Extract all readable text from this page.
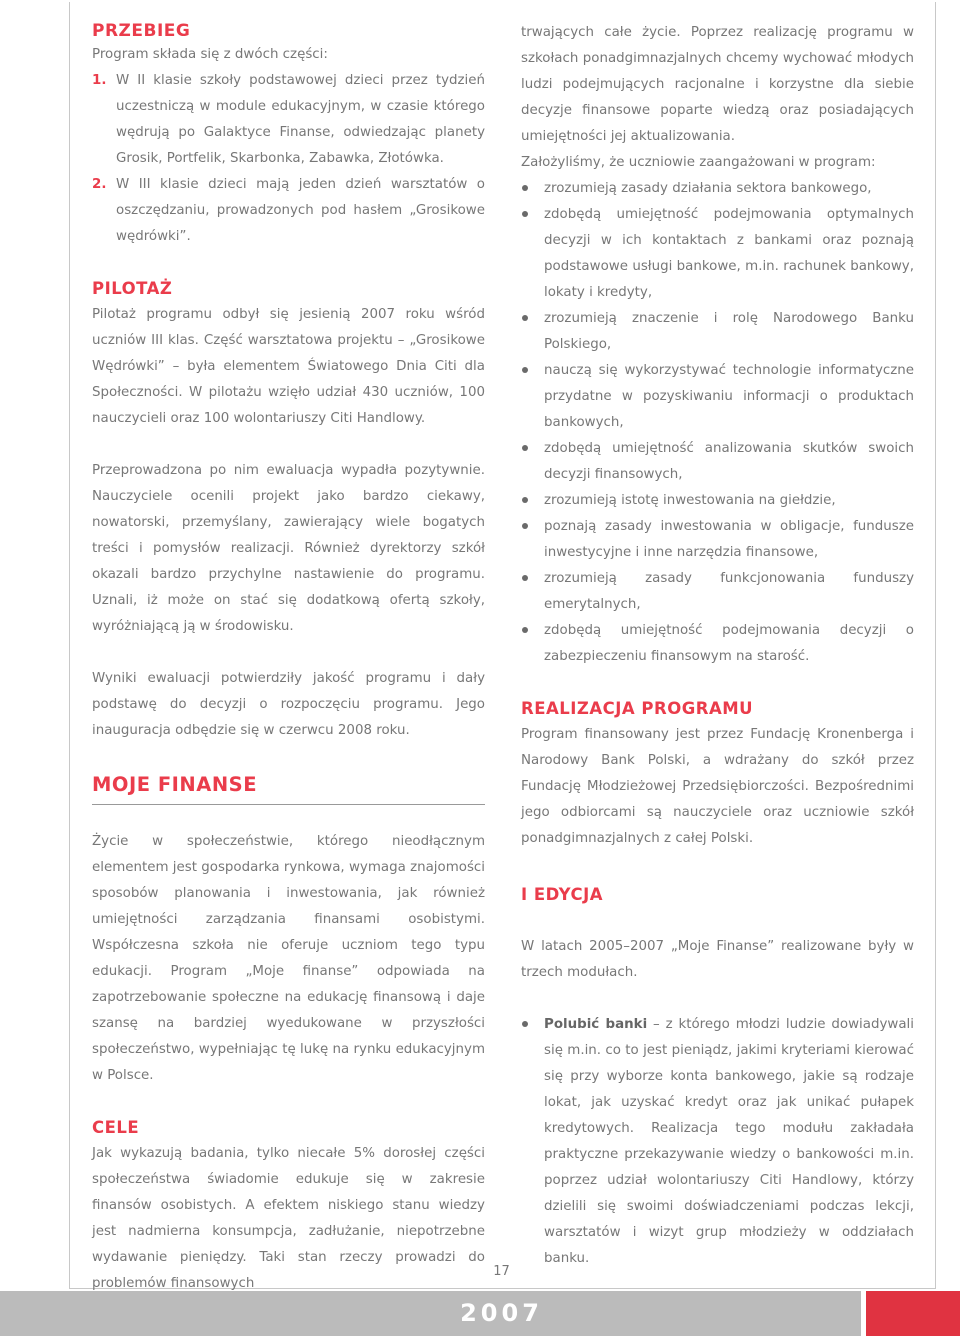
PRZEBIEG

Program składa się z dwóch części:

1. W II klasie szkoły podstawowej dzieci przez tydzień uczestniczą w module edukacyjnym, w czasie którego wędrują po Galaktyce Finanse, odwiedzając planety Grosik, Portfelik, Skarbonka, Zabawka, Złotówka.
2. W III klasie dzieci mają jeden dzień warsztatów o oszczędzaniu, prowadzonych pod hasłem „Grosikowe wędrówki”.
PILOTAŻ

Pilotaż programu odbył się jesienią 2007 roku wśród uczniów III klas. Część warsztatowa projektu – „Grosikowe Wędrówki” – była elementem Światowego Dnia Citi dla Społeczności. W pilotażu wzięło udział 430 uczniów, 100 nauczycieli oraz 100 wolontariuszy Citi Handlowy.

Przeprowadzona po nim ewaluacja wypadła pozytywnie. Nauczyciele ocenili projekt jako bardzo ciekawy, nowatorski, przemyślany, zawierający wiele bogatych treści i pomysłów realizacji. Również dyrektorzy szkół okazali bardzo przychylne nastawienie do programu. Uznali, iż może on stać się dodatkową ofertą szkoły, wyróżniającą ją w środowisku.

Wyniki ewaluacji potwierdziły jakość programu i dały podstawę do decyzji o rozpoczęciu programu. Jego inauguracja odbędzie się w czerwcu 2008 roku.

MOJE FINANSE

Życie w społeczeństwie, którego nieodłącznym elementem jest gospodarka rynkowa, wymaga znajomości sposobów planowania i inwestowania, jak również umiejętności zarządzania finansami osobistymi. Współczesna szkoła nie oferuje uczniom tego typu edukacji. Program „Moje finanse” odpowiada na zapotrzebowanie społeczne na edukację finansową i daje szansę na bardziej wyedukowane w przyszłości społeczeństwo, wypełniając tę lukę na rynku edukacyjnym w Polsce.

CELE

Jak wykazują badania, tylko niecałe 5% dorosłej części społeczeństwa świadomie edukuje się w zakresie finansów osobistych. A efektem niskiego stanu wiedzy jest nadmierna konsumpcja, zadłużanie, niepotrzebne wydawanie pieniędzy. Taki stan rzeczy prowadzi do problemów finansowych

trwających całe życie. Poprzez realizację programu w szkołach ponadgimnazjalnych chcemy wychować młodych ludzi podejmujących racjonalne i korzystne dla siebie decyzje finansowe poparte wiedzą oraz posiadających umiejętności jej aktualizowania.

Założyliśmy, że uczniowie zaangażowani w program:

zrozumieją zasady działania sektora bankowego,
zdobędą umiejętność podejmowania optymalnych decyzji w ich kontaktach z bankami oraz poznają podstawowe usługi bankowe, m.in. rachunek bankowy, lokaty i kredyty,
zrozumieją znaczenie i rolę Narodowego Banku Polskiego,
nauczą się wykorzystywać technologie informatyczne przydatne w pozyskiwaniu informacji o produktach bankowych,
zdobędą umiejętność analizowania skutków swoich decyzji finansowych,
zrozumieją istotę inwestowania na giełdzie,
poznają zasady inwestowania w obligacje, fundusze inwestycyjne i inne narzędzia finansowe,
zrozumieją zasady funkcjonowania funduszy emerytalnych,
zdobędą umiejętność podejmowania decyzji o zabezpieczeniu finansowym na starość.
REALIZACJA PROGRAMU

Program finansowany jest przez Fundację Kronenberga i Narodowy Bank Polski, a wdrażany do szkół przez Fundację Młodzieżowej Przedsiębiorczości. Bezpośrednimi jego odbiorcami są nauczyciele oraz uczniowie szkół ponadgimnazjalnych z całej Polski.

I EDYCJA

W latach 2005–2007 „Moje Finanse” realizowane były w trzech modułach.

Polubić banki – z którego młodzi ludzie dowiadywali się m.in. co to jest pieniądz, jakimi kryteriami kierować się przy wyborze konta bankowego, jakie są rodzaje lokat, jak uzyskać kredyt oraz jak unikać pułapek kredytowych. Realizacja tego modułu zakładała praktyczne przekazywanie wiedzy o bankowości m.in. poprzez udział wolontariuszy Citi Handlowy, którzy dzielili się swoimi doświadczeniami podczas lekcji, warsztatów i wizyt grup młodzieży w oddziałach banku.
17
2007
